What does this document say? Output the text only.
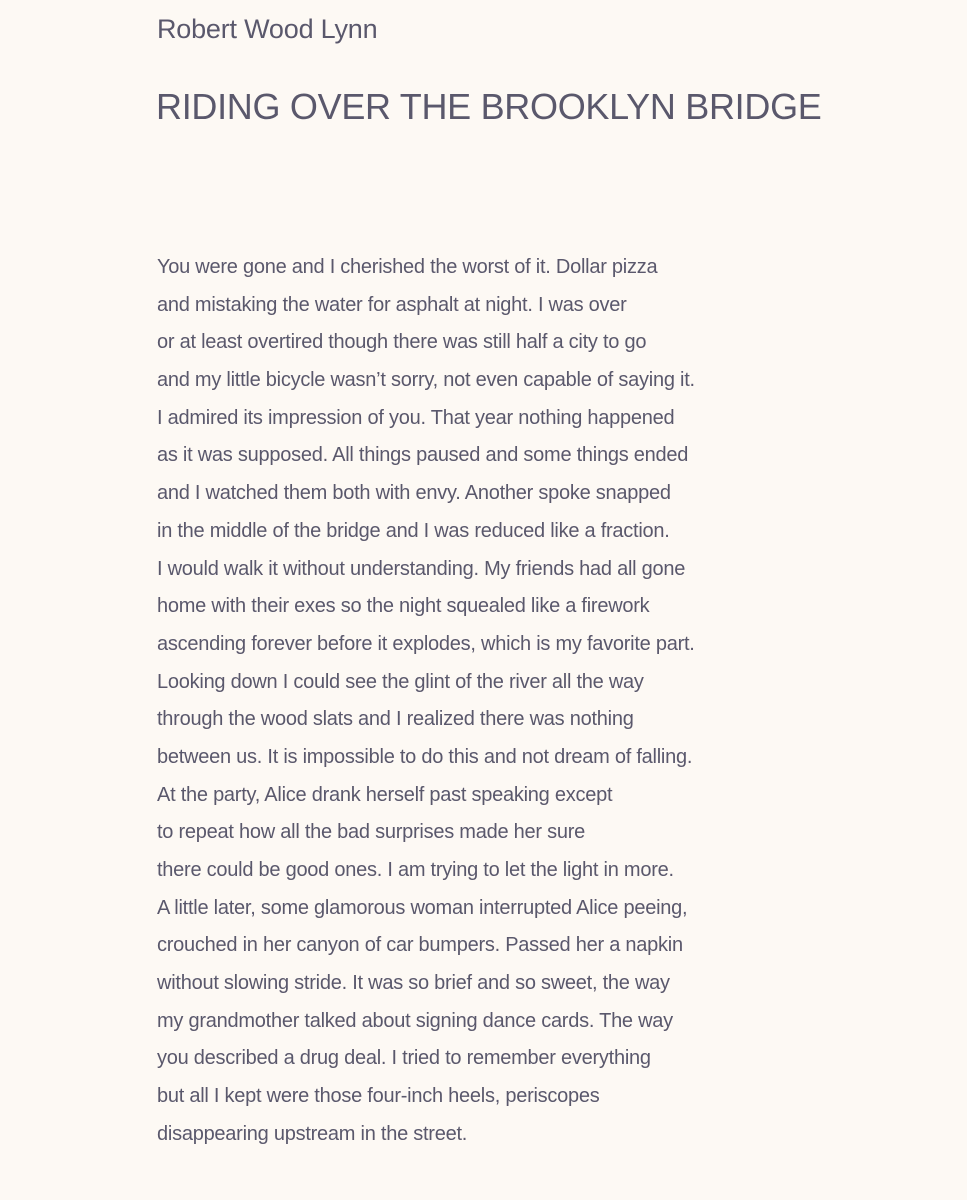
Robert Wood Lynn
RIDING OVER THE BROOKLYN BRIDGE
You were gone and I cherished the worst of it. Dollar pizza
and mistaking the water for asphalt at night. I was over
or at least overtired though there was still half a city to go
and my little bicycle wasn’t sorry, not even capable of saying it.
I admired its impression of you. That year nothing happened
as it was supposed. All things paused and some things ended
and I watched them both with envy. Another spoke snapped
in the middle of the bridge and I was reduced like a fraction.
I would walk it without understanding. My friends had all gone
home with their exes so the night squealed like a firework
ascending forever before it explodes, which is my favorite part.
Looking down I could see the glint of the river all the way
through the wood slats and I realized there was nothing
between us. It is impossible to do this and not dream of falling.
At the party, Alice drank herself past speaking except
to repeat how all the bad surprises made her sure
there could be good ones. I am trying to let the light in more.
A little later, some glamorous woman interrupted Alice peeing,
crouched in her canyon of car bumpers. Passed her a napkin
without slowing stride. It was so brief and so sweet, the way
my grandmother talked about signing dance cards. The way
you described a drug deal. I tried to remember everything
but all I kept were those four-inch heels, periscopes
disappearing upstream in the street.
